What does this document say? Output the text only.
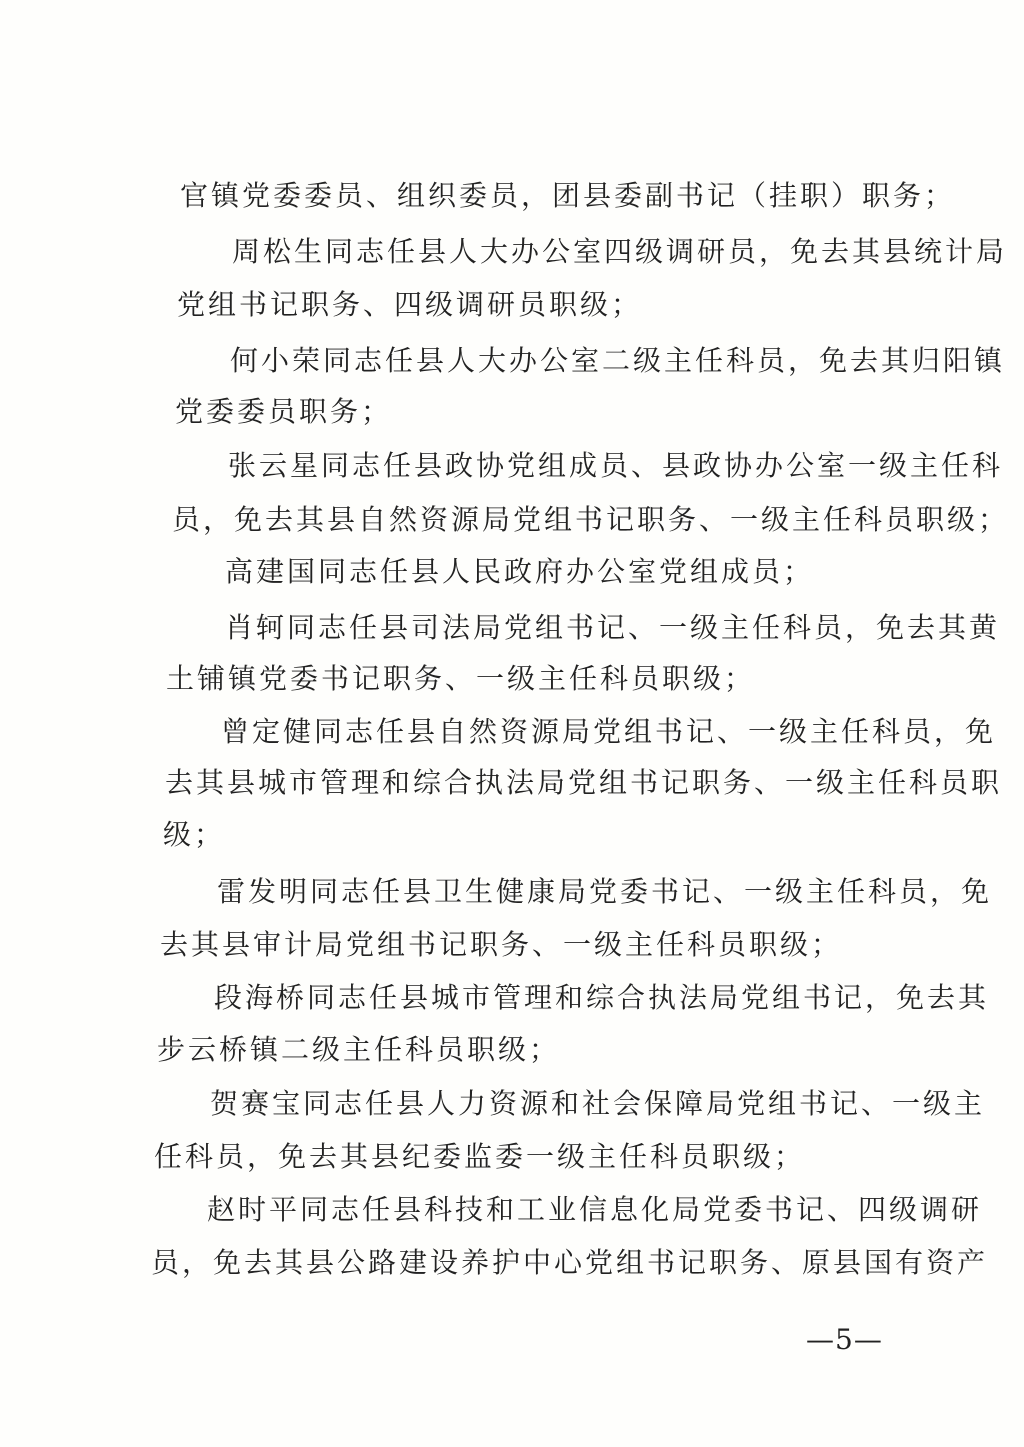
官镇党委委员、组织委员，团县委副书记（挂职）职务；
周松生同志任县人大办公室四级调研员，免去其县统计局
党组书记职务、四级调研员职级；
何小荣同志任县人大办公室二级主任科员，免去其归阳镇
党委委员职务；
张云星同志任县政协党组成员、县政协办公室一级主任科
员，免去其县自然资源局党组书记职务、一级主任科员职级；
高建国同志任县人民政府办公室党组成员；
肖轲同志任县司法局党组书记、一级主任科员，免去其黄
土铺镇党委书记职务、一级主任科员职级；
曾定健同志任县自然资源局党组书记、一级主任科员，免
去其县城市管理和综合执法局党组书记职务、一级主任科员职
级；
雷发明同志任县卫生健康局党委书记、一级主任科员，免
去其县审计局党组书记职务、一级主任科员职级；
段海桥同志任县城市管理和综合执法局党组书记，免去其
步云桥镇二级主任科员职级；
贺赛宝同志任县人力资源和社会保障局党组书记、一级主
任科员，免去其县纪委监委一级主任科员职级；
赵时平同志任县科技和工业信息化局党委书记、四级调研
员，免去其县公路建设养护中心党组书记职务、原县国有资产
—5—
